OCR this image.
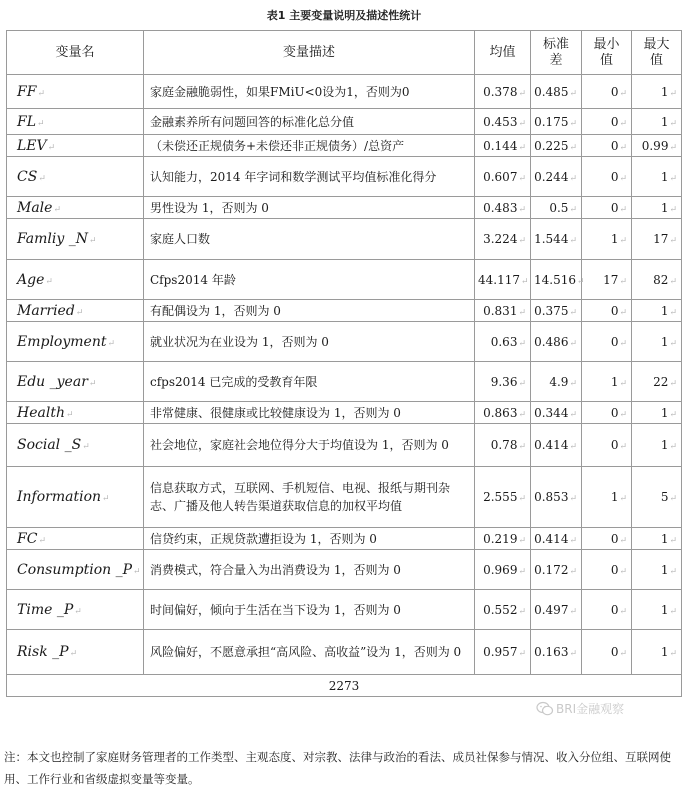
表1 主要变量说明及描述性统计
变量名	变量描述	均值	标准差	最小值	最大值
FF↵	家庭金融脆弱性，如果FMiU<0设为1，否则为0	0.378↵	0.485↵	0↵	1↵
FL↵	金融素养所有问题回答的标准化总分值	0.453↵	0.175↵	0↵	1↵
LEV↵	（未偿还正规债务+未偿还非正规债务）/总资产	0.144↵	0.225↵	0↵	0.99↵
CS↵	认知能力，2014 年字词和数学测试平均值标准化得分	0.607↵	0.244↵	0↵	1↵
Male↵	男性设为 1，否则为 0	0.483↵	0.5↵	0↵	1↵
Famliy _N↵	家庭人口数	3.224↵	1.544↵	1↵	17↵
Age↵	Cfps2014 年龄	44.117↵	14.516↵	17↵	82↵
Married↵	有配偶设为 1，否则为 0	0.831↵	0.375↵	0↵	1↵
Employment↵	就业状况为在业设为 1，否则为 0	0.63↵	0.486↵	0↵	1↵
Edu _year↵	cfps2014 已完成的受教育年限	9.36↵	4.9↵	1↵	22↵
Health↵	非常健康、很健康或比较健康设为 1，否则为 0	0.863↵	0.344↵	0↵	1↵
Social _S↵	社会地位，家庭社会地位得分大于均值设为 1，否则为 0	0.78↵	0.414↵	0↵	1↵
Information↵	信息获取方式，互联网、手机短信、电视、报纸与期刊杂志、广播及他人转告渠道获取信息的加权平均值	2.555↵	0.853↵	1↵	5↵
FC↵	信贷约束，正规贷款遭拒设为 1，否则为 0	0.219↵	0.414↵	0↵	1↵
Consumption _P↵	消费模式，符合量入为出消费设为 1，否则为 0	0.969↵	0.172↵	0↵	1↵
Time _P↵	时间偏好，倾向于生活在当下设为 1，否则为 0	0.552↵	0.497↵	0↵	1↵
Risk _P↵	风险偏好，不愿意承担“高风险、高收益”设为 1，否则为 0	0.957↵	0.163↵	0↵	1↵
2273					
BRI金融观察
注：本文也控制了家庭财务管理者的工作类型、主观态度、对宗教、法律与政治的看法、成员社保参与情况、收入分位组、互联网使用、工作行业和省级虚拟变量等变量。
